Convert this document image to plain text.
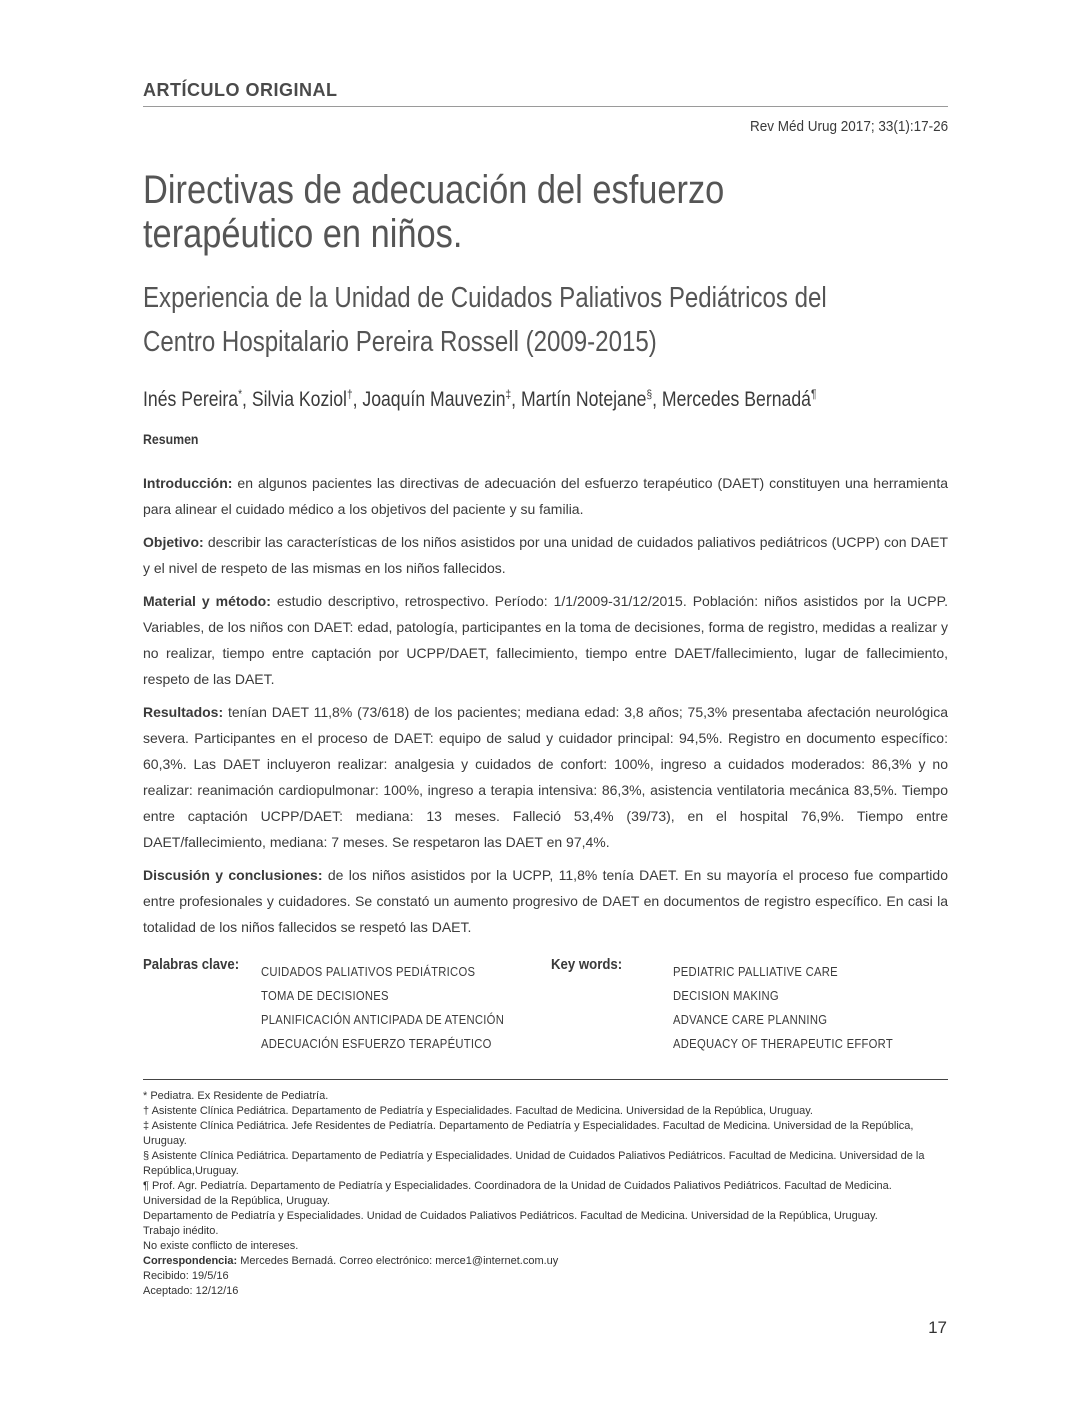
ARTÍCULO ORIGINAL
Rev Méd Urug 2017; 33(1):17-26
Directivas de adecuación del esfuerzo
terapéutico en niños.
Experiencia de la Unidad de Cuidados Paliativos Pediátricos del
Centro Hospitalario Pereira Rossell (2009-2015)
Inés Pereira*, Silvia Koziol†, Joaquín Mauvezin‡, Martín Notejane§, Mercedes Bernadá¶
Resumen

Introducción: en algunos pacientes las directivas de adecuación del esfuerzo terapéutico (DAET) constituyen una herramienta para alinear el cuidado médico a los objetivos del paciente y su familia.

Objetivo: describir las características de los niños asistidos por una unidad de cuidados paliativos pediátricos (UCPP) con DAET y el nivel de respeto de las mismas en los niños fallecidos.

Material y método: estudio descriptivo, retrospectivo. Período: 1/1/2009-31/12/2015. Población: niños asistidos por la UCPP. Variables, de los niños con DAET: edad, patología, participantes en la toma de decisiones, forma de registro, medidas a realizar y no realizar, tiempo entre captación por UCPP/DAET, fallecimiento, tiempo entre DAET/fallecimiento, lugar de fallecimiento, respeto de las DAET.

Resultados: tenían DAET 11,8% (73/618) de los pacientes; mediana edad: 3,8 años; 75,3% presentaba afectación neurológica severa. Participantes en el proceso de DAET: equipo de salud y cuidador principal: 94,5%. Registro en documento específico: 60,3%. Las DAET incluyeron realizar: analgesia y cuidados de confort: 100%, ingreso a cuidados moderados: 86,3% y no realizar: reanimación cardiopulmonar: 100%, ingreso a terapia intensiva: 86,3%, asistencia ventilatoria mecánica 83,5%. Tiempo entre captación UCPP/DAET: mediana: 13 meses. Falleció 53,4% (39/73), en el hospital 76,9%. Tiempo entre DAET/fallecimiento, mediana: 7 meses. Se respetaron las DAET en 97,4%.

Discusión y conclusiones: de los niños asistidos por la UCPP, 11,8% tenía DAET. En su mayoría el proceso fue compartido entre profesionales y cuidadores. Se constató un aumento progresivo de DAET en documentos de registro específico. En casi la totalidad de los niños fallecidos se respetó las DAET.

Palabras clave: CUIDADOS PALIATIVOS PEDIÁTRICOS
TOMA DE DECISIONES
PLANIFICACIÓN ANTICIPADA DE ATENCIÓN
ADECUACIÓN ESFUERZO TERAPÉUTICO
Key words:	PEDIATRIC PALLIATIVE CARE
DECISION MAKING
ADVANCE CARE PLANNING
ADEQUACY OF THERAPEUTIC EFFORT
* Pediatra. Ex Residente de Pediatría.
† Asistente Clínica Pediátrica. Departamento de Pediatría y Especialidades. Facultad de Medicina. Universidad de la República, Uruguay.
‡ Asistente Clínica Pediátrica. Jefe Residentes de Pediatría. Departamento de Pediatría y Especialidades. Facultad de Medicina. Universidad de la República, Uruguay.
§ Asistente Clínica Pediátrica. Departamento de Pediatría y Especialidades. Unidad de Cuidados Paliativos Pediátricos. Facultad de Medicina. Universidad de la República,Uruguay.
¶ Prof. Agr. Pediatría. Departamento de Pediatría y Especialidades. Coordinadora de la Unidad de Cuidados Paliativos Pediátricos. Facultad de Medicina. Universidad de la República, Uruguay.
Departamento de Pediatría y Especialidades. Unidad de Cuidados Paliativos Pediátricos. Facultad de Medicina. Universidad de la República, Uruguay.
Trabajo inédito.
No existe conflicto de intereses.
Correspondencia: Mercedes Bernadá. Correo electrónico: merce1@internet.com.uy
Recibido: 19/5/16
Aceptado: 12/12/16
17
